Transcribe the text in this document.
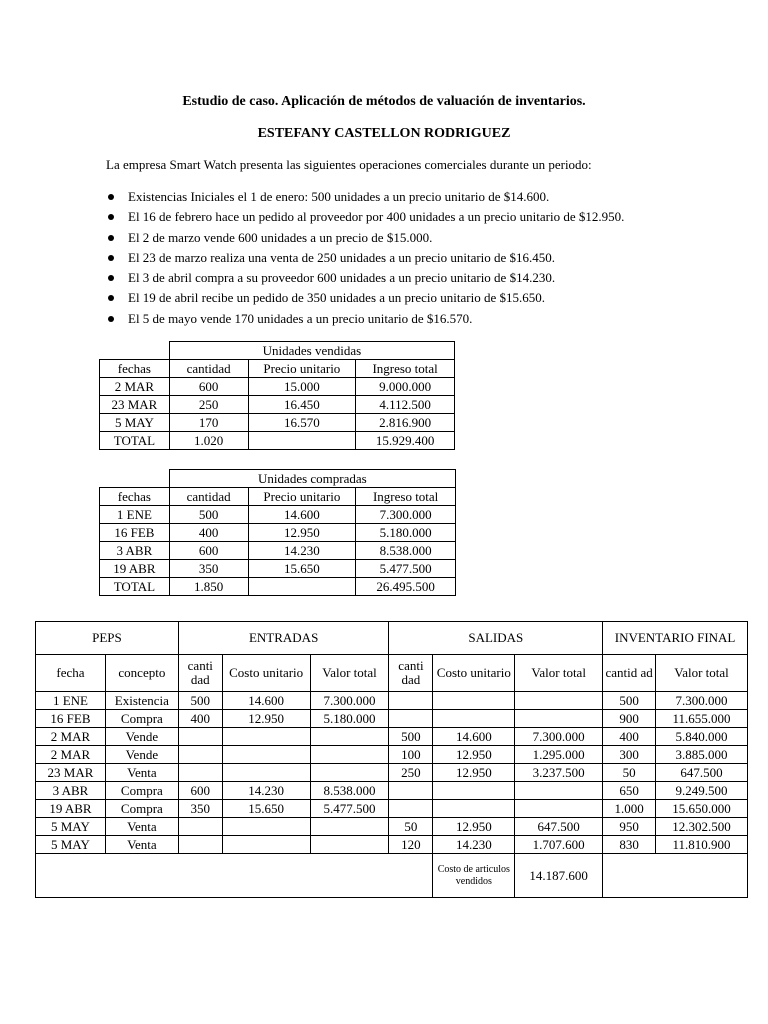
Estudio de caso. Aplicación de métodos de valuación de inventarios.
ESTEFANY CASTELLON RODRIGUEZ
La empresa Smart Watch presenta las siguientes operaciones comerciales durante un periodo:
Existencias Iniciales el 1 de enero: 500 unidades a un precio unitario de $14.600.
El 16 de febrero hace un pedido al proveedor por 400 unidades a un precio unitario de $12.950.
El 2 de marzo vende 600 unidades a un precio de $15.000.
El 23 de marzo realiza una venta de 250 unidades a un precio unitario de $16.450.
El 3 de abril compra a su proveedor 600 unidades a un precio unitario de $14.230.
El 19 de abril recibe un pedido de 350 unidades a un precio unitario de $15.650.
El 5 de mayo vende 170 unidades a un precio unitario de $16.570.
	Unidades vendidas		
fechas	cantidad	Precio unitario	Ingreso total
2 MAR	600	15.000	9.000.000
23 MAR	250	16.450	4.112.500
5 MAY	170	16.570	2.816.900
TOTAL	1.020		15.929.400
	Unidades compradas		
fechas	cantidad	Precio unitario	Ingreso total
1 ENE	500	14.600	7.300.000
16 FEB	400	12.950	5.180.000
3 ABR	600	14.230	8.538.000
19 ABR	350	15.650	5.477.500
TOTAL	1.850		26.495.500
PEPS		ENTRADAS			SALIDAS			INVENTARIO FINAL	
fecha	concepto	canti dad	Costo unitario	Valor total	canti dad	Costo unitario	Valor total	cantid ad	Valor total
1 ENE	Existencia	500	14.600	7.300.000				500	7.300.000
16 FEB	Compra	400	12.950	5.180.000				900	11.655.000
2 MAR	Vende				500	14.600	7.300.000	400	5.840.000
2 MAR	Vende				100	12.950	1.295.000	300	3.885.000
23 MAR	Venta				250	12.950	3.237.500	50	647.500
3 ABR	Compra	600	14.230	8.538.000				650	9.249.500
19 ABR	Compra	350	15.650	5.477.500				1.000	15.650.000
5 MAY	Venta				50	12.950	647.500	950	12.302.500
5 MAY	Venta				120	14.230	1.707.600	830	11.810.900
						Costo de articulos vendidos	14.187.600		
